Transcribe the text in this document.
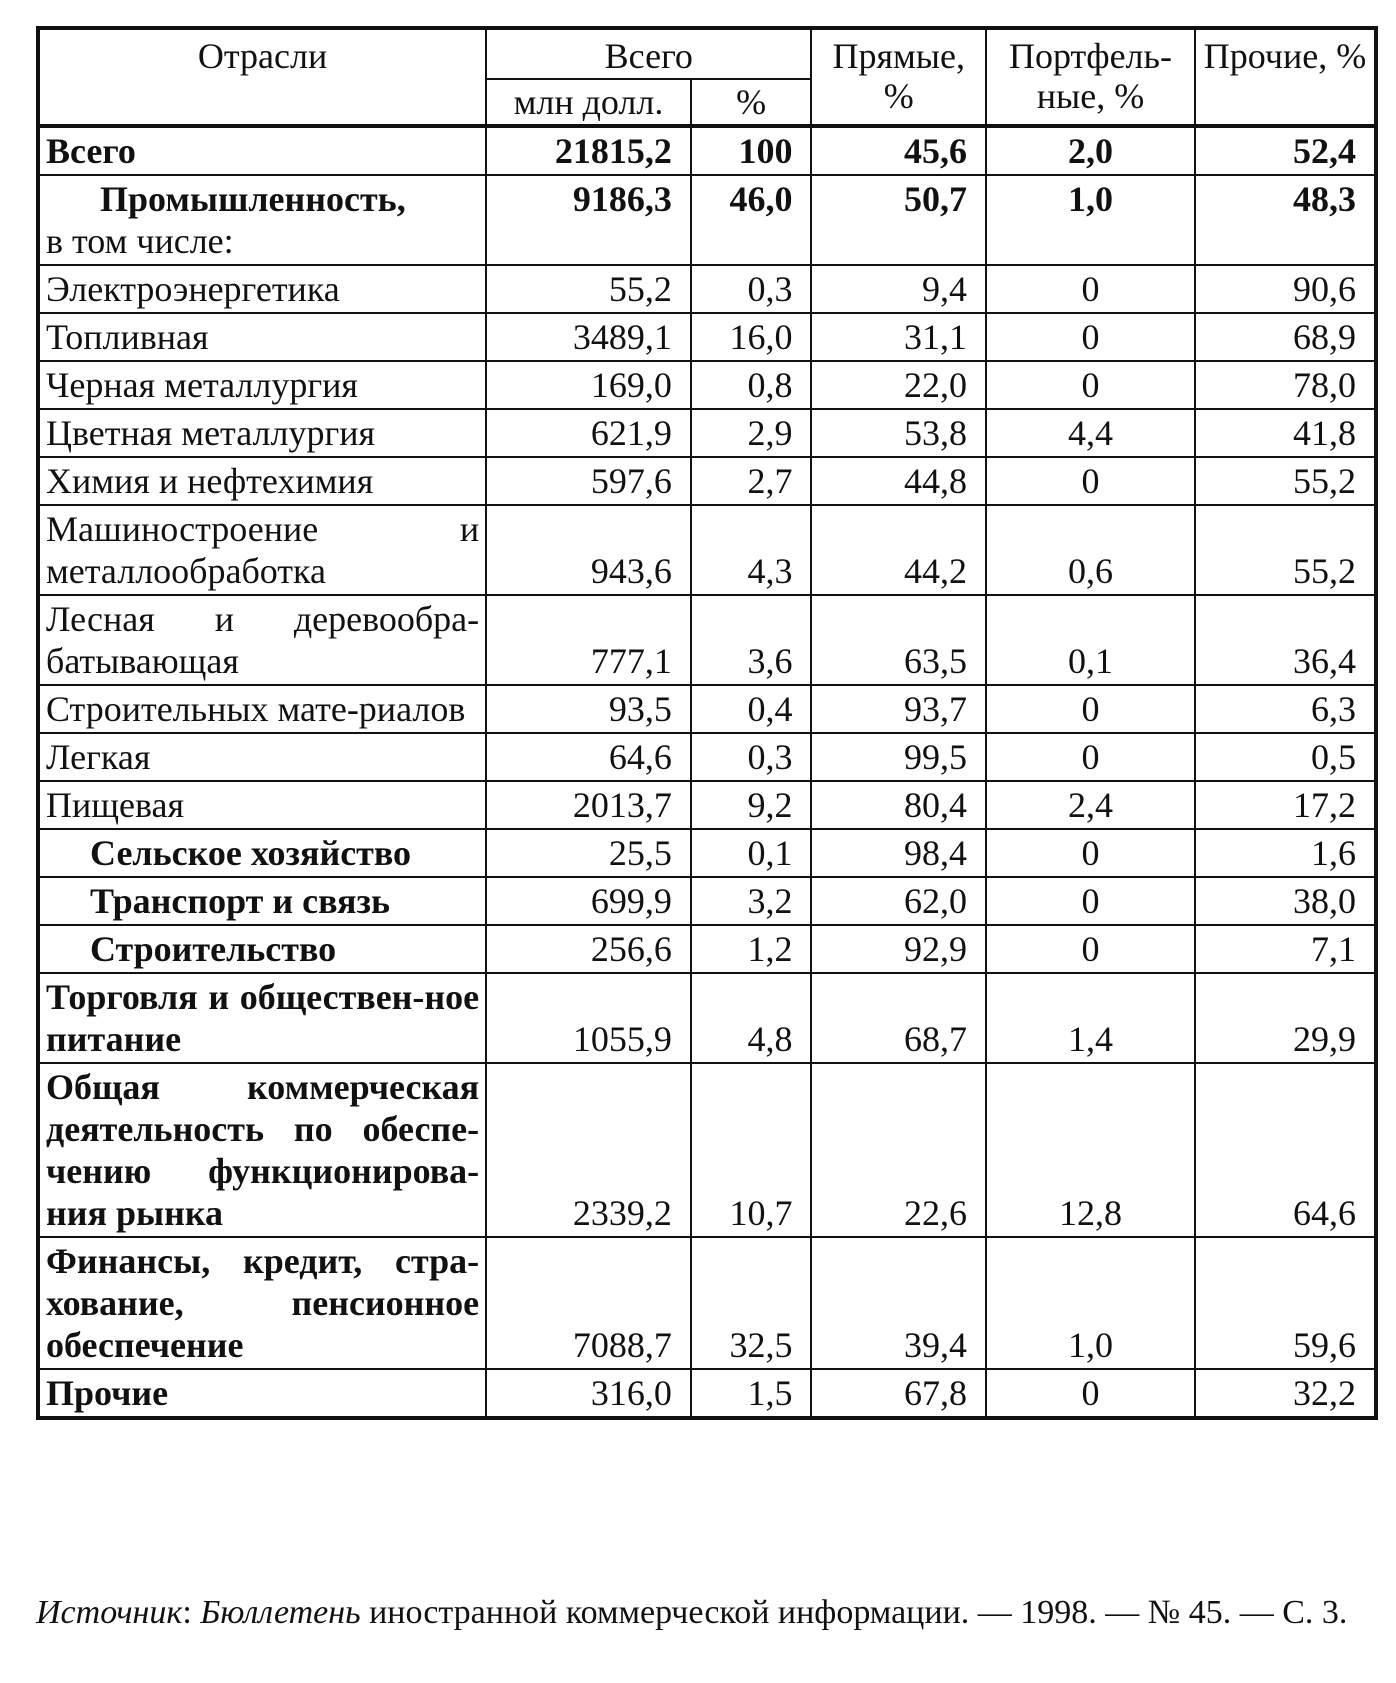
Отрасли	Всего		Прямые, %	Портфель-ные, %	Прочие, %
	млн долл.	%			
Всего	21815,2	100	45,6	2,0	52,4

Промышленность,
в том числе:	9186,3	46,0	50,7	1,0	48,3
Электроэнергетика	55,2	0,3	9,4	0	90,6
Топливная	3489,1	16,0	31,1	0	68,9
Черная металлургия	169,0	0,8	22,0	0	78,0
Цветная металлургия	621,9	2,9	53,8	4,4	41,8
Химия и нефтехимия	597,6	2,7	44,8	0	55,2
Машиностроение и металлообработка	943,6	4,3	44,2	0,6	55,2
Лесная и деревообра-батывающая	777,1	3,6	63,5	0,1	36,4
Строительных мате-риалов	93,5	0,4	93,7	0	6,3
Легкая	64,6	0,3	99,5	0	0,5
Пищевая	2013,7	9,2	80,4	2,4	17,2
Сельское хозяйство	25,5	0,1	98,4	0	1,6
Транспорт и связь	699,9	3,2	62,0	0	38,0
Строительство	256,6	1,2	92,9	0	7,1
Торговля и обществен-ное питание	1055,9	4,8	68,7	1,4	29,9
Общая коммерческая деятельность по обеспе-чению функционирова-ния рынка	2339,2	10,7	22,6	12,8	64,6
Финансы, кредит, стра-хование, пенсионное обеспечение	7088,7	32,5	39,4	1,0	59,6
Прочие	316,0	1,5	67,8	0	32,2
Источник: Бюллетень иностранной коммерческой информации. — 1998. — № 45. — С. 3.
